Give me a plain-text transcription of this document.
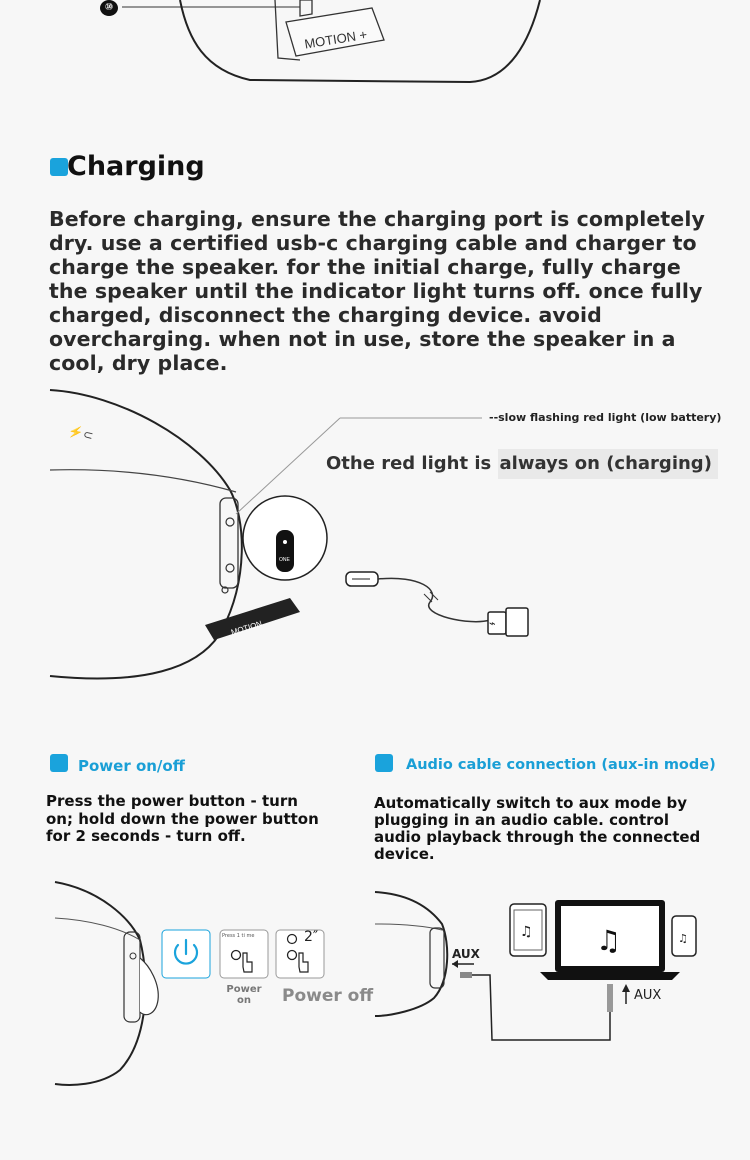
MOTION +
⑩
Charging
Before charging, ensure the charging port is completely dry. use a certified usb-c charging cable and charger to charge the speaker. for the initial charge, fully charge the speaker until the indicator light turns off. once fully charged, disconnect the charging device. avoid overcharging. when not in use, store the speaker in a cool, dry place.
⚡⊂
MOTION
ONE
⌁
--slow flashing red light (low battery)
Othe red light is always on (charging)
Power on/off
Press the power button - turn on; hold down the power button for 2 seconds - turn off.
Press 1 ti me	2″
Power on	Power off
Audio cable connection (aux-in mode)
Automatically switch to aux mode by plugging in an audio cable. control audio playback through the connected device.
♫ ♫	♫
AUX
AUX
